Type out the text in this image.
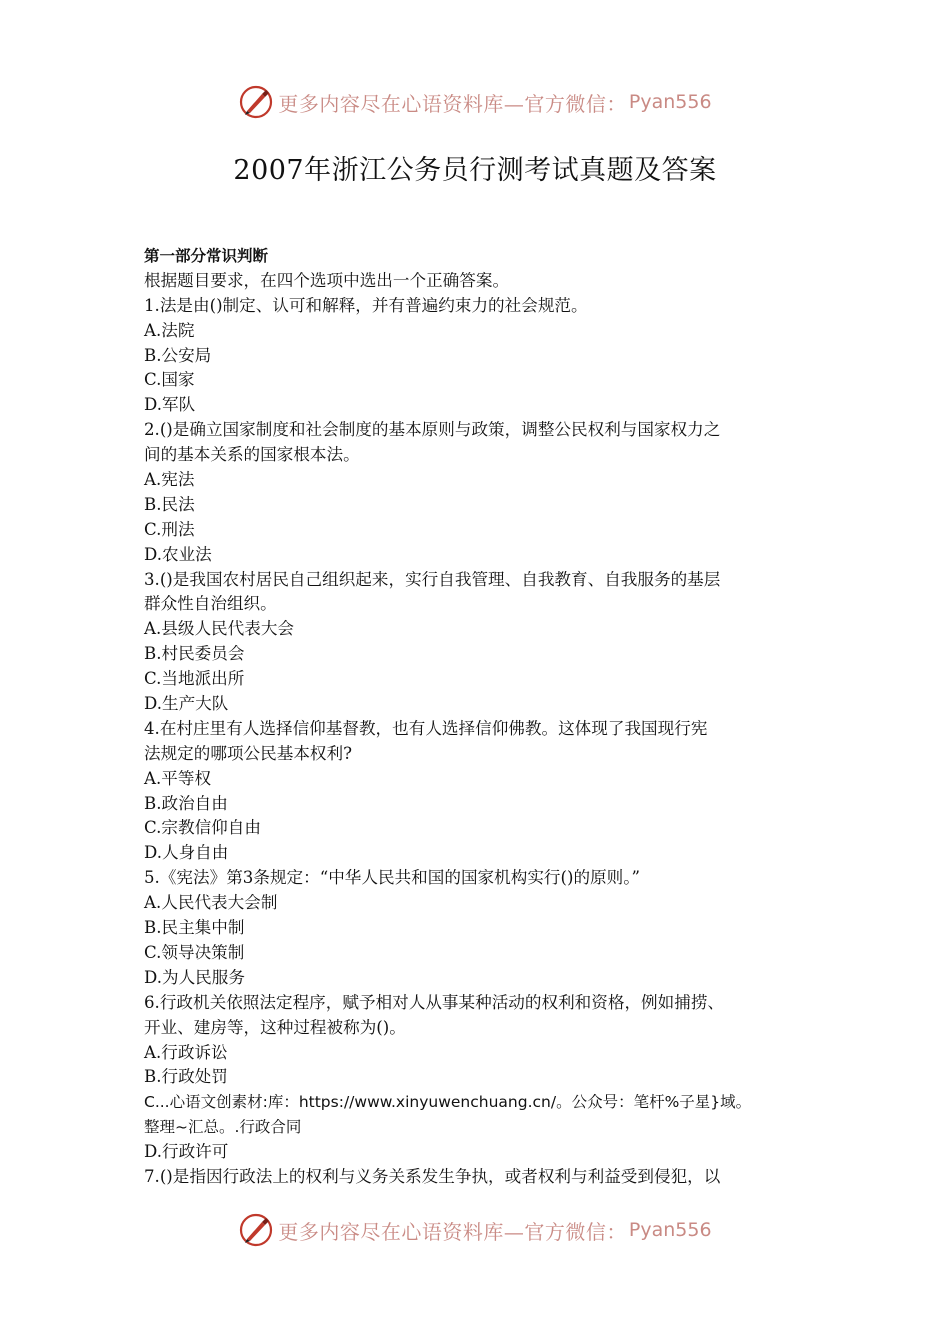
更多内容尽在心语资料库—官方微信： Pyan556
2007年浙江公务员行测考试真题及答案
第一部分常识判断
根据题目要求，在四个选项中选出一个正确答案。
1.法是由()制定、认可和解释，并有普遍约束力的社会规范。
A.法院
B.公安局
C.国家
D.军队
2.()是确立国家制度和社会制度的基本原则与政策，调整公民权利与国家权力之
间的基本关系的国家根本法。
A.宪法
B.民法
C.刑法
D.农业法
3.()是我国农村居民自己组织起来，实行自我管理、自我教育、自我服务的基层
群众性自治组织。
A.县级人民代表大会
B.村民委员会
C.当地派出所
D.生产大队
4.在村庄里有人选择信仰基督教，也有人选择信仰佛教。这体现了我国现行宪
法规定的哪项公民基本权利?
A.平等权
B.政治自由
C.宗教信仰自由
D.人身自由
5.《宪法》第3条规定：“中华人民共和国的国家机构实行()的原则。”
A.人民代表大会制
B.民主集中制
C.领导决策制
D.为人民服务
6.行政机关依照法定程序，赋予相对人从事某种活动的权利和资格，例如捕捞、
开业、建房等，这种过程被称为()。
A.行政诉讼
B.行政处罚
C...心语文创素材:库：https://www.xinyuwenchuang.cn/。公众号：笔杆%子星}域。
整理~汇总。.行政合同
D.行政许可
7.()是指因行政法上的权利与义务关系发生争执，或者权利与利益受到侵犯，以
更多内容尽在心语资料库—官方微信： Pyan556
